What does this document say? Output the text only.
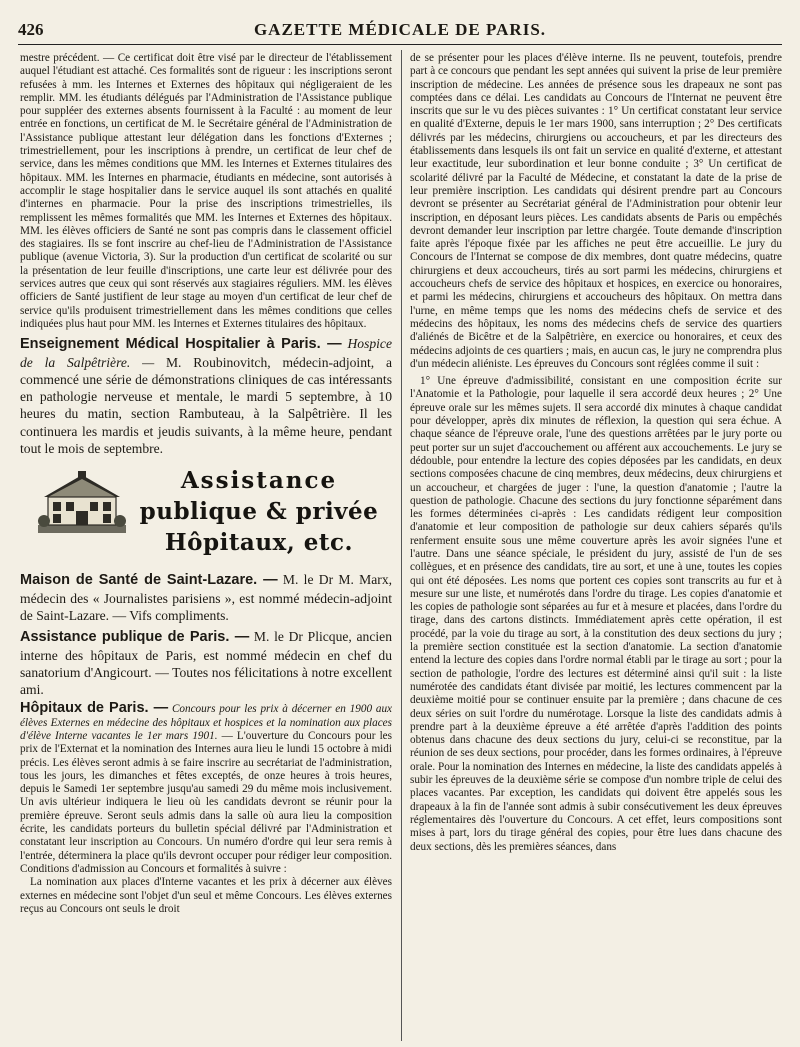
426	GAZETTE MÉDICALE DE PARIS.

mestre précédent. — Ce certificat doit être visé par le directeur de l'établissement auquel l'étudiant est attaché. Ces formalités sont de rigueur : les inscriptions seront refusées à mm. les Internes et Externes des hôpitaux qui négligeraient de les remplir. MM. les étudiants délégués par l'Administration de l'Assistance publique pour suppléer des externes absents fournissent à la Faculté : au moment de leur entrée en fonctions, un certificat de M. le Secrétaire général de l'Administration de l'Assistance publique attestant leur délégation dans les fonctions d'Externes ; trimestriellement, pour les inscriptions à prendre, un certificat de leur chef de service, dans les mêmes conditions que MM. les Internes et Externes titulaires des hôpitaux. MM. les Internes en pharmacie, étudiants en médecine, sont autorisés à accomplir le stage hospitalier dans le service auquel ils sont attachés en qualité d'internes en pharmacie. Pour la prise des inscriptions trimestrielles, ils remplissent les mêmes formalités que MM. les Internes et Externes des hôpitaux. MM. les élèves officiers de Santé ne sont pas compris dans le classement officiel des stagiaires. Ils se font inscrire au chef-lieu de l'Administration de l'Assistance publique (avenue Victoria, 3). Sur la production d'un certificat de scolarité ou sur la présentation de leur feuille d'inscriptions, une carte leur est délivrée pour des services autres que ceux qui sont réservés aux stagiaires réguliers. MM. les élèves officiers de Santé justifient de leur stage au moyen d'un certificat de leur chef de service qu'ils produisent trimestriellement dans les mêmes conditions que celles indiquées plus haut pour MM. les Internes et Externes titulaires des hôpitaux.

Enseignement Médical Hospitalier à Paris. — Hospice de la Salpêtrière. — M. Roubinovitch, médecin-adjoint, a commencé une série de démonstrations cliniques de cas intéressants en pathologie nerveuse et mentale, le mardi 5 septembre, à 10 heures du matin, section Rambuteau, à la Salpêtrière. Il les continuera les mardis et jeudis suivants, à la même heure, pendant tout le mois de septembre.

Assistance
publique & privée
Hôpitaux, etc.

Maison de Santé de Saint-Lazare. — M. le Dr M. Marx, médecin des « Journalistes parisiens », est nommé médecin-adjoint de Saint-Lazare. — Vifs compliments.

Assistance publique de Paris. — M. le Dr Plicque, ancien interne des hôpitaux de Paris, est nommé médecin en chef du sanatorium d'Angicourt. — Toutes nos félicitations à notre excellent ami.

Hôpitaux de Paris. — Concours pour les prix à décerner en 1900 aux élèves Externes en médecine des hôpitaux et hospices et la nomination aux places d'élève Interne vacantes le 1er mars 1901. — L'ouverture du Concours pour les prix de l'Externat et la nomination des Internes aura lieu le lundi 15 octobre à midi précis. Les élèves seront admis à se faire inscrire au secrétariat de l'administration, tous les jours, les dimanches et fêtes exceptés, de onze heures à trois heures, depuis le Samedi 1er septembre jusqu'au samedi 29 du même mois inclusivement. Un avis ultérieur indiquera le lieu où les candidats devront se réunir pour la première épreuve. Seront seuls admis dans la salle où aura lieu la composition écrite, les candidats porteurs du bulletin spécial délivré par l'Administration et constatant leur inscription au Concours. Un numéro d'ordre qui leur sera remis à l'entrée, déterminera la place qu'ils devront occuper pour rédiger leur composition. Conditions d'admission au Concours et formalités à suivre :

La nomination aux places d'Interne vacantes et les prix à décerner aux élèves externes en médecine sont l'objet d'un seul et même Concours. Les élèves externes reçus au Concours ont seuls le droit

de se présenter pour les places d'élève interne. Ils ne peuvent, toutefois, prendre part à ce concours que pendant les sept années qui suivent la prise de leur première inscription de médecine. Les années de présence sous les drapeaux ne sont pas comptées dans ce délai. Les candidats au Concours de l'Internat ne peuvent être inscrits que sur le vu des pièces suivantes : 1° Un certificat constatant leur service en qualité d'Externe, depuis le 1er mars 1900, sans interruption ; 2° Des certificats délivrés par les médecins, chirurgiens ou accoucheurs, et par les directeurs des établissements dans lesquels ils ont fait un service en qualité d'externe, et attestant leur exactitude, leur subordination et leur bonne conduite ; 3° Un certificat de scolarité délivré par la Faculté de Médecine, et constatant la date de la prise de leur première inscription. Les candidats qui désirent prendre part au Concours devront se présenter au Secrétariat général de l'Administration pour obtenir leur inscription, en déposant leurs pièces. Les candidats absents de Paris ou empêchés devront demander leur inscription par lettre chargée. Toute demande d'inscription faite après l'époque fixée par les affiches ne peut être accueillie. Le jury du Concours de l'Internat se compose de dix membres, dont quatre médecins, quatre chirurgiens et deux accoucheurs, tirés au sort parmi les médecins, chirurgiens et accoucheurs chefs de service des hôpitaux et hospices, en exercice ou honoraires, et parmi les médecins, chirurgiens et accoucheurs des hôpitaux. On mettra dans l'urne, en même temps que les noms des médecins chefs de service et des médecins des hôpitaux, les noms des médecins chefs de service des quartiers d'aliénés de Bicêtre et de la Salpêtrière, en exercice ou honoraires, et ceux des médecins adjoints de ces quartiers ; mais, en aucun cas, le jury ne comprendra plus d'un médecin aliéniste. Les épreuves du Concours sont réglées comme il suit :

1° Une épreuve d'admissibilité, consistant en une composition écrite sur l'Anatomie et la Pathologie, pour laquelle il sera accordé deux heures ; 2° Une épreuve orale sur les mêmes sujets. Il sera accordé dix minutes à chaque candidat pour développer, après dix minutes de réflexion, la question qui sera échue. A chaque séance de l'épreuve orale, l'une des questions arrêtées par le jury porte ou peut porter sur un sujet d'accouchement ou afférent aux accouchements. Le jury se dédouble, pour entendre la lecture des copies déposées par les candidats, en deux sections composées chacune de cinq membres, deux médecins, deux chirurgiens et un accoucheur, et chargées de juger : l'une, la question d'anatomie ; l'autre la question de pathologie. Chacune des sections du jury fonctionne séparément dans les formes déterminées ci-après : Les candidats rédigent leur composition d'anatomie et leur composition de pathologie sur deux cahiers séparés qu'ils renferment ensuite sous une même couverture après les avoir signées l'une et l'autre. Dans une séance spéciale, le président du jury, assisté de l'un de ses collègues, et en présence des candidats, tire au sort, et une à une, toutes les copies qui ont été déposées. Les noms que portent ces copies sont transcrits au fur et à mesure sur une liste, et numérotés dans l'ordre du tirage. Les copies d'anatomie et les copies de pathologie sont séparées au fur et à mesure et placées, dans l'ordre du tirage, dans des cartons distincts. Immédiatement après cette opération, il est procédé, par la voie du tirage au sort, à la constitution des deux sections du jury ; la première section constituée est la section d'anatomie. La section d'anatomie entend la lecture des copies dans l'ordre normal établi par le tirage au sort ; pour la section de pathologie, l'ordre des lectures est déterminé ainsi qu'il suit : la liste numérotée des candidats étant divisée par moitié, les lectures commencent par la deuxième moitié pour se continuer ensuite par la première ; dans chacune de ces deux séries on suit l'ordre du numérotage. Lorsque la liste des candidats admis à prendre part à la deuxième épreuve a été arrêtée d'après l'addition des points obtenus dans chacune des deux sections du jury, celui-ci se reconstitue, par la réunion de ses deux sections, pour procéder, dans les formes ordinaires, à l'épreuve orale. Pour la nomination des Internes en médecine, la liste des candidats appelés à subir les épreuves de la deuxième série se compose d'un nombre triple de celui des places vacantes. Par exception, les candidats qui doivent être appelés sous les drapeaux à la fin de l'année sont admis à subir consécutivement les deux épreuves réglementaires dès l'ouverture du Concours. A cet effet, leurs compositions sont mises à part, lors du tirage général des copies, pour être lues dans chacune des deux sections, dès les premières séances, dans
